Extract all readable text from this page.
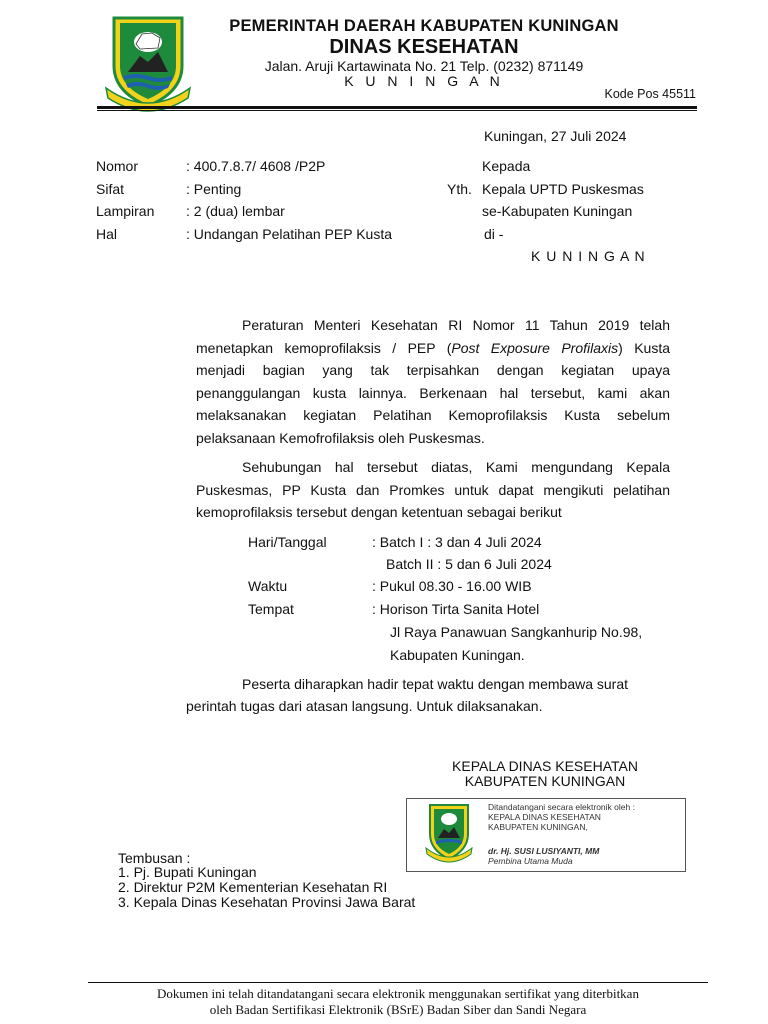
PEMERINTAH DAERAH KABUPATEN KUNINGAN
DINAS KESEHATAN
Jalan. Aruji Kartawinata No. 21 Telp. (0232) 871149
K U N I N G A N
Kode Pos 45511
Kuningan, 27 Juli 2024
Nomor	: 400.7.8.7/ 4608 /P2P
Sifat	: Penting
Lampiran : 2 (dua) lembar
Hal	: Undangan Pelatihan PEP Kusta
Kepada
Yth. Kepala UPTD Puskesmas
se-Kabupaten Kuningan
di -
K U N I N G A N
Peraturan Menteri Kesehatan RI Nomor 11 Tahun 2019 telah menetapkan kemoprofilaksis / PEP (Post Exposure Profilaxis) Kusta menjadi bagian yang tak terpisahkan dengan kegiatan upaya penanggulangan kusta lainnya. Berkenaan hal tersebut, kami akan melaksanakan kegiatan Pelatihan Kemoprofilaksis Kusta sebelum pelaksanaan Kemofrofilaksis oleh Puskesmas.
Sehubungan hal tersebut diatas, Kami mengundang Kepala Puskesmas, PP Kusta dan Promkes untuk dapat mengikuti pelatihan kemoprofilaksis tersebut dengan ketentuan sebagai berikut
Hari/Tanggal	: Batch I : 3 dan 4 Juli 2024
Batch II : 5 dan 6 Juli 2024
Waktu	: Pukul 08.30 - 16.00 WIB
Tempat	: Horison Tirta Sanita Hotel
Jl Raya Panawuan Sangkanhurip No.98,
Kabupaten Kuningan.
Peserta diharapkan hadir tepat waktu dengan membawa surat
perintah tugas dari atasan langsung. Untuk dilaksanakan.
KEPALA DINAS KESEHATAN
KABUPATEN KUNINGAN
Ditandatangani secara elektronik oleh :
KEPALA DINAS KESEHATAN
KABUPATEN KUNINGAN,
dr. Hj. SUSI LUSIYANTI, MM
Pembina Utama Muda
Tembusan :
1. Pj. Bupati Kuningan
2. Direktur P2M Kementerian Kesehatan RI
3. Kepala Dinas Kesehatan Provinsi Jawa Barat
Dokumen ini telah ditandatangani secara elektronik menggunakan sertifikat yang diterbitkan
oleh Badan Sertifikasi Elektronik (BSrE) Badan Siber dan Sandi Negara
